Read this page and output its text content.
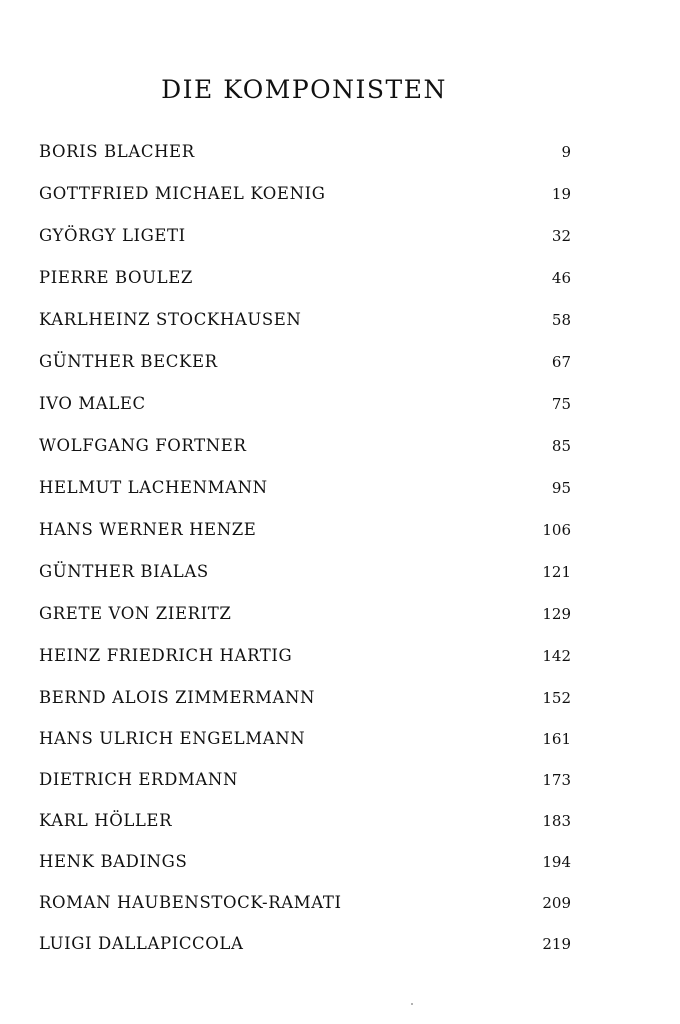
DIE KOMPONISTEN
BORIS BLACHER	9
GOTTFRIED MICHAEL KOENIG	19
GYÖRGY LIGETI	32
PIERRE BOULEZ	46
KARLHEINZ STOCKHAUSEN	58
GÜNTHER BECKER	67
IVO MALEC	75
WOLFGANG FORTNER	85
HELMUT LACHENMANN	95
HANS WERNER HENZE	106
GÜNTHER BIALAS	121
GRETE VON ZIERITZ	129
HEINZ FRIEDRICH HARTIG	142
BERND ALOIS ZIMMERMANN	152
HANS ULRICH ENGELMANN	161
DIETRICH ERDMANN	173
KARL HÖLLER	183
HENK BADINGS	194
ROMAN HAUBENSTOCK-RAMATI	209
LUIGI DALLAPICCOLA	219
